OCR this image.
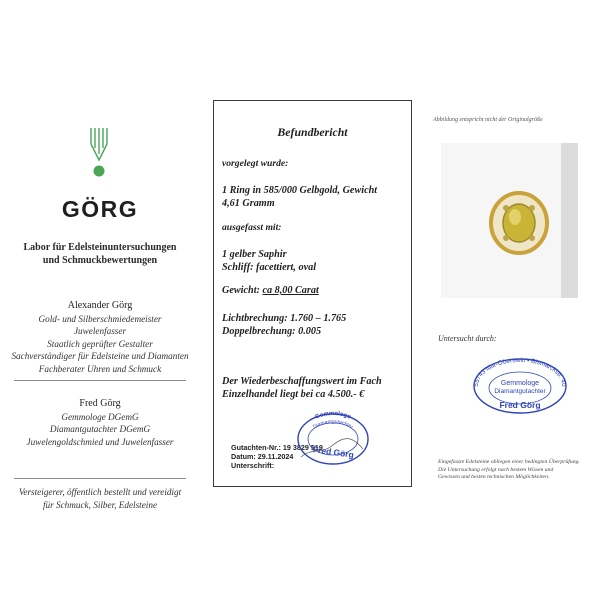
GÖRG
Labor für Edelsteinuntersuchungen
und Schmuckbewertungen
Alexander Görg
Gold- und Silberschmiedemeister
Juwelenfasser
Staatlich geprüfter Gestalter
Sachverständiger für Edelsteine und Diamanten
Fachberater Uhren und Schmuck
Fred Görg
Gemmologe DGemG
Diamantgutachter DGemG
Juwelengoldschmied und Juwelenfasser
Versteigerer, öffentlich bestellt und vereidigt
für Schmuck, Silber, Edelsteine
Befundbericht
vorgelegt wurde:
1 Ring in 585/000 Gelbgold, Gewicht
4,61 Gramm
ausgefasst mit:
1 gelber Saphir
Schliff: facettiert, oval
Gewicht: ca 8,00 Carat
Lichtbrechung: 1.760 – 1.765
Doppelbrechung: 0.005
Der Wiederbeschaffungswert im Fach
Einzelhandel liegt bei ca 4.500.- €
Gutachten-Nr.: 19 3829 519
Datum: 29.11.2024
Unterschrift:
Gemmologe
Diamantgutachter
Fred Görg
Abbildung entspricht nicht der Originalgröße
Untersucht durch:
55743 Idar-Oberstein • Bismarckstr. 40
Gemmologe
Diamantgutachter
Fred Görg
Eingefasste Edelsteine obliegen einer bedingten Überprüfung.
Die Untersuchung erfolgt nach bestem Wissen und
Gewissen und besten technischen Möglichkeiten.
